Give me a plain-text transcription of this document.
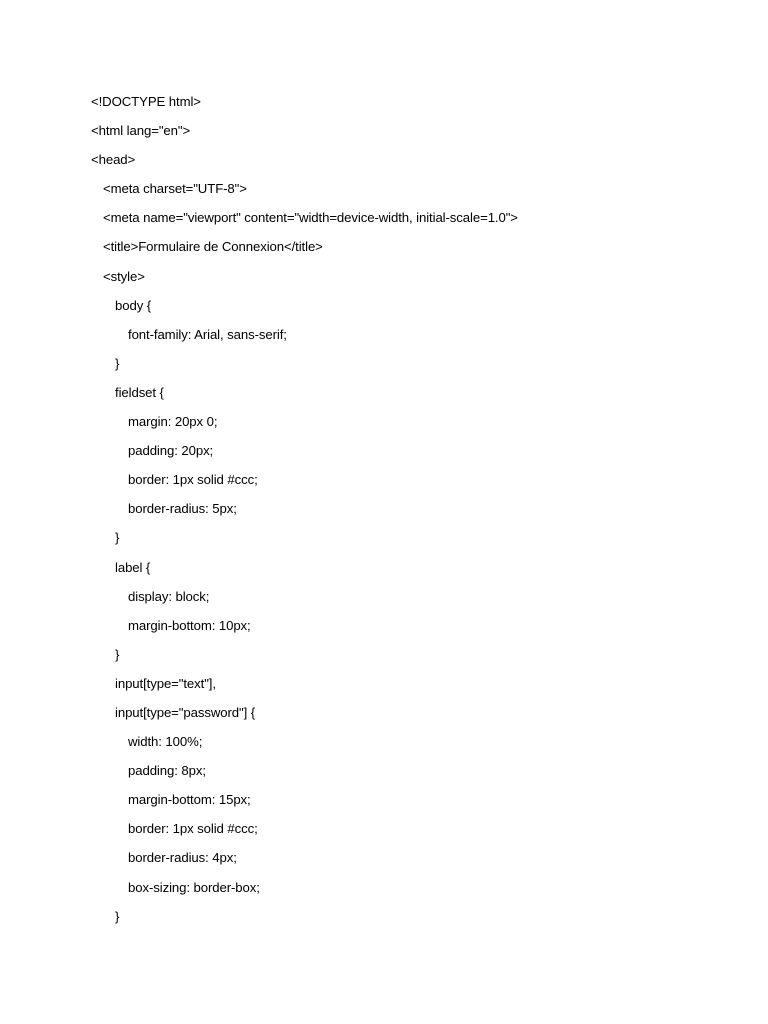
<!DOCTYPE html>
<html lang="en">
<head>
<meta charset="UTF-8">
<meta name="viewport" content="width=device-width, initial-scale=1.0">
<title>Formulaire de Connexion</title>
<style>
body {
font-family: Arial, sans-serif;
}
fieldset {
margin: 20px 0;
padding: 20px;
border: 1px solid #ccc;
border-radius: 5px;
}
label {
display: block;
margin-bottom: 10px;
}
input[type="text"],
input[type="password"] {
width: 100%;
padding: 8px;
margin-bottom: 15px;
border: 1px solid #ccc;
border-radius: 4px;
box-sizing: border-box;
}
